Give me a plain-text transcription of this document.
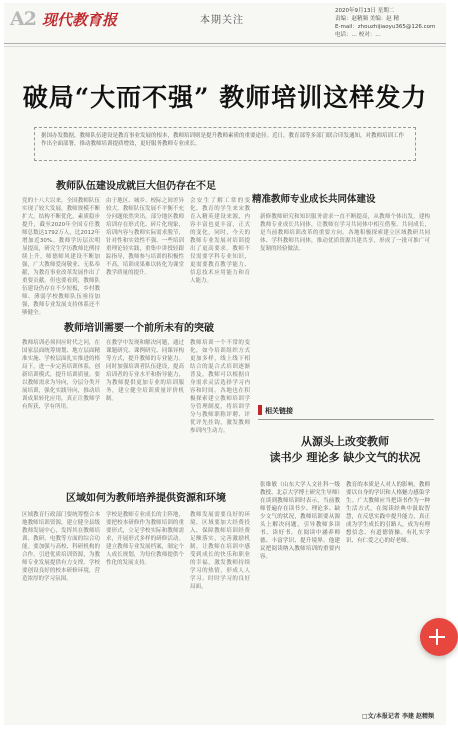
A2 现代教育报	本期关注
2020年9月13日 星期二
责编：赵精频 美编：赵 精
E-mail：zhouzhijiaoyu365@126.com
电话：… 校对：…
破局“大而不强” 教师培训这样发力
据国办发数据，教师队伍建设是教育事业发展的根本，教师培训则是提升教师素质的重要途径。近日，教育部等多部门联合印发通知，对教师培训工作作出全面部署，推动教师培训提质增效，更好服务教师专业成长。
教师队伍建设成就巨大但仍存在不足
党的十八大以来，全国教师队伍实现了较大发展，教师规模不断扩大，结构不断优化，素质稳步提升，截至2020年全国专任教师总数达1792万人，比2012年增加近30%。教师学历层次明显提高，研究生学历教师比例持续上升，师德师风建设不断加强，广大教师爱岗敬业、无私奉献，为教育事业改革发展作出了重要贡献。但也要看到，教师队伍建设仍存在不少短板，乡村教师、薄弱学校教师队伍亟待加强，教师专业发展支持体系还不够健全。
由于地区、城乡、校际之间差异较大，教师队伍发展不平衡不充分问题依然突出。部分地区教师培训存在形式化、碎片化现象，培训内容与教师实际需求脱节，针对性和实效性不强。一些培训重理论轻实践，重集中讲授轻跟踪指导，教师参与培训的积极性不高，培训成果难以转化为课堂教学质量的提升。
会安生了解工常的变化，教育的学生来宋教育入精英建设来源，内容丰富也更丰富，正式的变化，同时，今天的教师专业发展对培训提出了更高要求。教师不仅需要学科专业知识，更需要教育教学能力、信息技术应用能力和育人能力。
精准教师专业成长共同体建设
新修教师研究和知识服务需求一直不断提高，从教师个体出发，建构教师专业成长共同体，让教师在学习共同体中相互借鉴、共同成长，是当前教师培训改革的重要方向。各地积极探索建立区域教研共同体、学科教师共同体，推动优质资源共建共享，形成了一批可推广可复制的经验做法。
教师培训需要一个前所未有的突破
教师培训必须回应时代之问，在国家层面统筹规划、地方层面精准实施、学校层面扎实推进的格局下，进一步完善培训体系，创新培训模式，提升培训质量。要以教师需求为导向，分层分类开展培训，强化实践导向，推动培训成果转化应用，真正让教师学有所获、学有所用。
在教学中发现和解决问题，通过课题研究、课例研究、同课异构等方式，提升教师的专业能力。同时加强培训者队伍建设，提高培训者的专业水平和指导能力，为教师提供更加专业的培训服务，建立健全培训质量评价机制。
教师培训一个不常的变化，如今培训组织方式更加多样，线上线下相结合的混合式培训逐渐普及，教师可以根据自身需求灵活选择学习内容和时间。各地也在积极探索建立教师培训学分管理制度，将培训学分与教师职称评聘、评优评先挂钩，激发教师参训内生动力。
相关链接
从源头上改变教师
读书少 理论多 缺少文气的状况
区域如何为教师培养提供资源和环境
区域教育行政部门要统筹整合本地教师培训资源，建立健全县级教师发展中心，发挥其在教师培训、教研、电教等方面的综合功能。要加强与高校、科研机构的合作，引进优质培训资源，为教师专业发展提供有力支撑。学校要创设良好的校本研修环境，营造浓厚的学习氛围。
学校是教师专业成长的主阵地，要把校本研修作为教师培训的重要形式，立足学校实际和教师需求，开展形式多样的研修活动。建立教师专业发展档案，制定个人成长规划，为每位教师提供个性化的发展支持。
教师发展需要良好的环境，区域要加大经费投入，保障教师培训经费足额落实，完善激励机制。让教师在培训中感受到成长的快乐和职业的幸福，激发教师持续学习的热情，形成人人学习、时时学习的良好局面。
张维敏（山东大学人文社科一级教授、北京大学博士研究生导师）在谈到教师培训时表示，当前教师普遍存在读书少、理论多、缺少文气的状况，教师培训要从源头上解决问题，引导教师多读书、读好书，在阅读中涵养师德、丰富学识、提升境界。他建议把阅读纳入教师培训的重要内容。
教育的本质是人对人的影响，教师要以自身的学识和人格魅力感染学生。广大教师应当把读书作为一种生活方式，在阅读经典中汲取智慧，在反思实践中提升能力，真正成为学生成长的引路人，成为有理想信念、有道德情操、有扎实学识、有仁爱之心的好老师。
□文/本报记者 李建 赵精频
